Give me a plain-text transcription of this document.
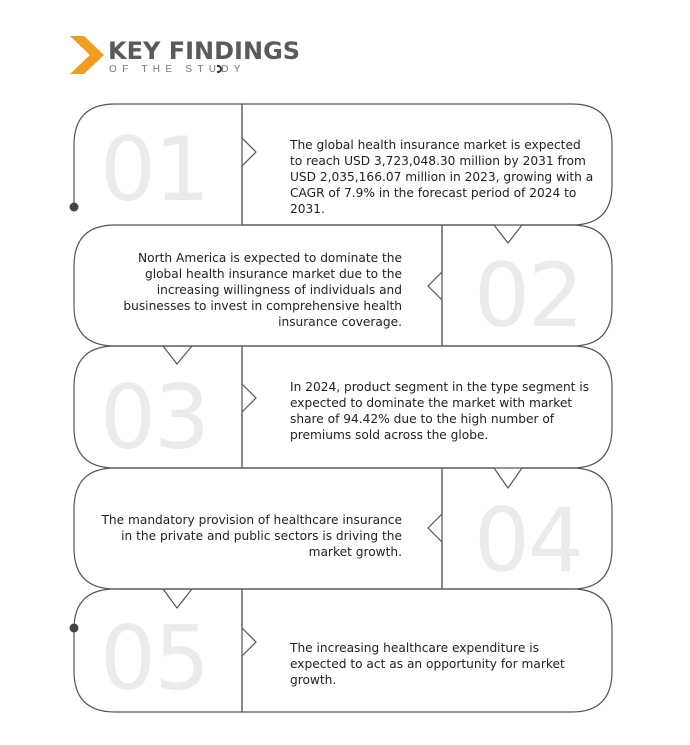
KEY FINDINGS

OF THE STUDY

01

02

03

04

05

The global health insurance market is expected to reach USD 3,723,048.30 million by 2031 from USD 2,035,166.07 million in 2023, growing with a CAGR of 7.9% in the forecast period of 2024 to 2031.

North America is expected to dominate the global health insurance market due to the increasing willingness of individuals and businesses to invest in comprehensive health insurance coverage.

In 2024, product segment in the type segment is expected to dominate the market with market share of 94.42% due to the high number of premiums sold across the globe.

The mandatory provision of healthcare insurance in the private and public sectors is driving the market growth.

The increasing healthcare expenditure is expected to act as an opportunity for market growth.
